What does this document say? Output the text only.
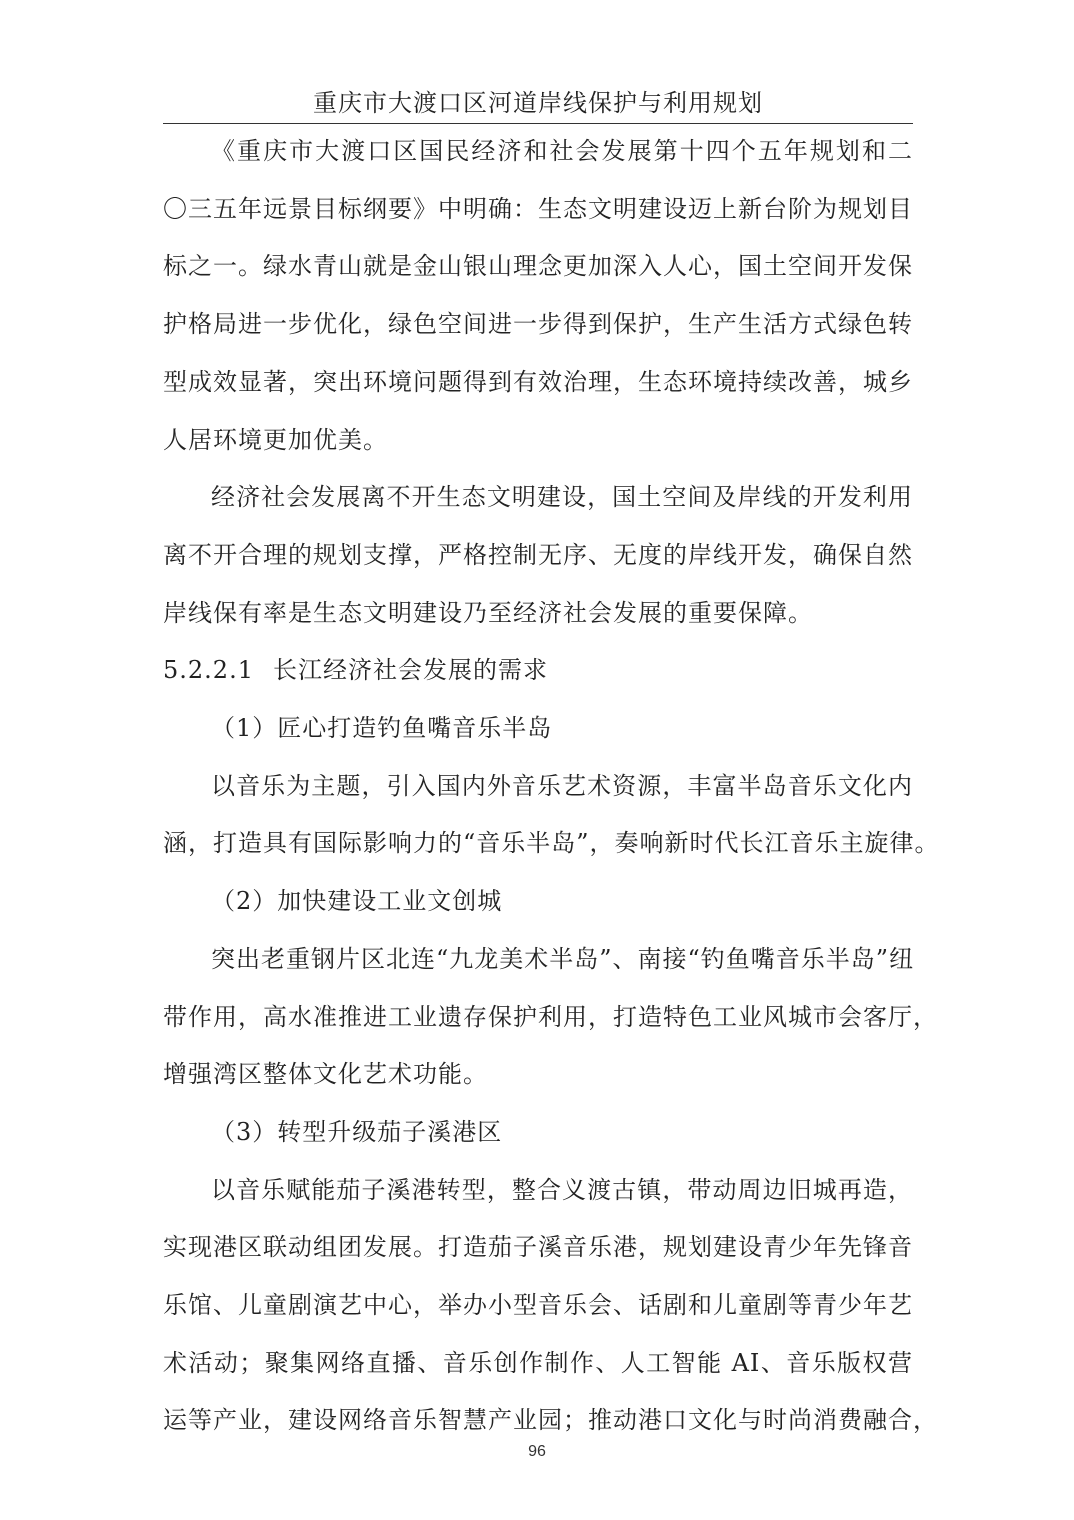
重庆市大渡口区河道岸线保护与利用规划
《重庆市大渡口区国民经济和社会发展第十四个五年规划和二
〇三五年远景目标纲要》中明确：生态文明建设迈上新台阶为规划目
标之一。绿水青山就是金山银山理念更加深入人心，国土空间开发保
护格局进一步优化，绿色空间进一步得到保护，生产生活方式绿色转
型成效显著，突出环境问题得到有效治理，生态环境持续改善，城乡
人居环境更加优美。
经济社会发展离不开生态文明建设，国土空间及岸线的开发利用
离不开合理的规划支撑，严格控制无序、无度的岸线开发，确保自然
岸线保有率是生态文明建设乃至经济社会发展的重要保障。
5.2.2.1 长江经济社会发展的需求
（1）匠心打造钓鱼嘴音乐半岛
以音乐为主题，引入国内外音乐艺术资源，丰富半岛音乐文化内
涵，打造具有国际影响力的“音乐半岛”，奏响新时代长江音乐主旋律。
（2）加快建设工业文创城
突出老重钢片区北连“九龙美术半岛”、南接“钓鱼嘴音乐半岛”纽
带作用，高水准推进工业遗存保护利用，打造特色工业风城市会客厅，
增强湾区整体文化艺术功能。
（3）转型升级茄子溪港区
以音乐赋能茄子溪港转型，整合义渡古镇，带动周边旧城再造，
实现港区联动组团发展。打造茄子溪音乐港，规划建设青少年先锋音
乐馆、儿童剧演艺中心，举办小型音乐会、话剧和儿童剧等青少年艺
术活动；聚集网络直播、音乐创作制作、人工智能 AI、音乐版权营
运等产业，建设网络音乐智慧产业园；推动港口文化与时尚消费融合，
96
